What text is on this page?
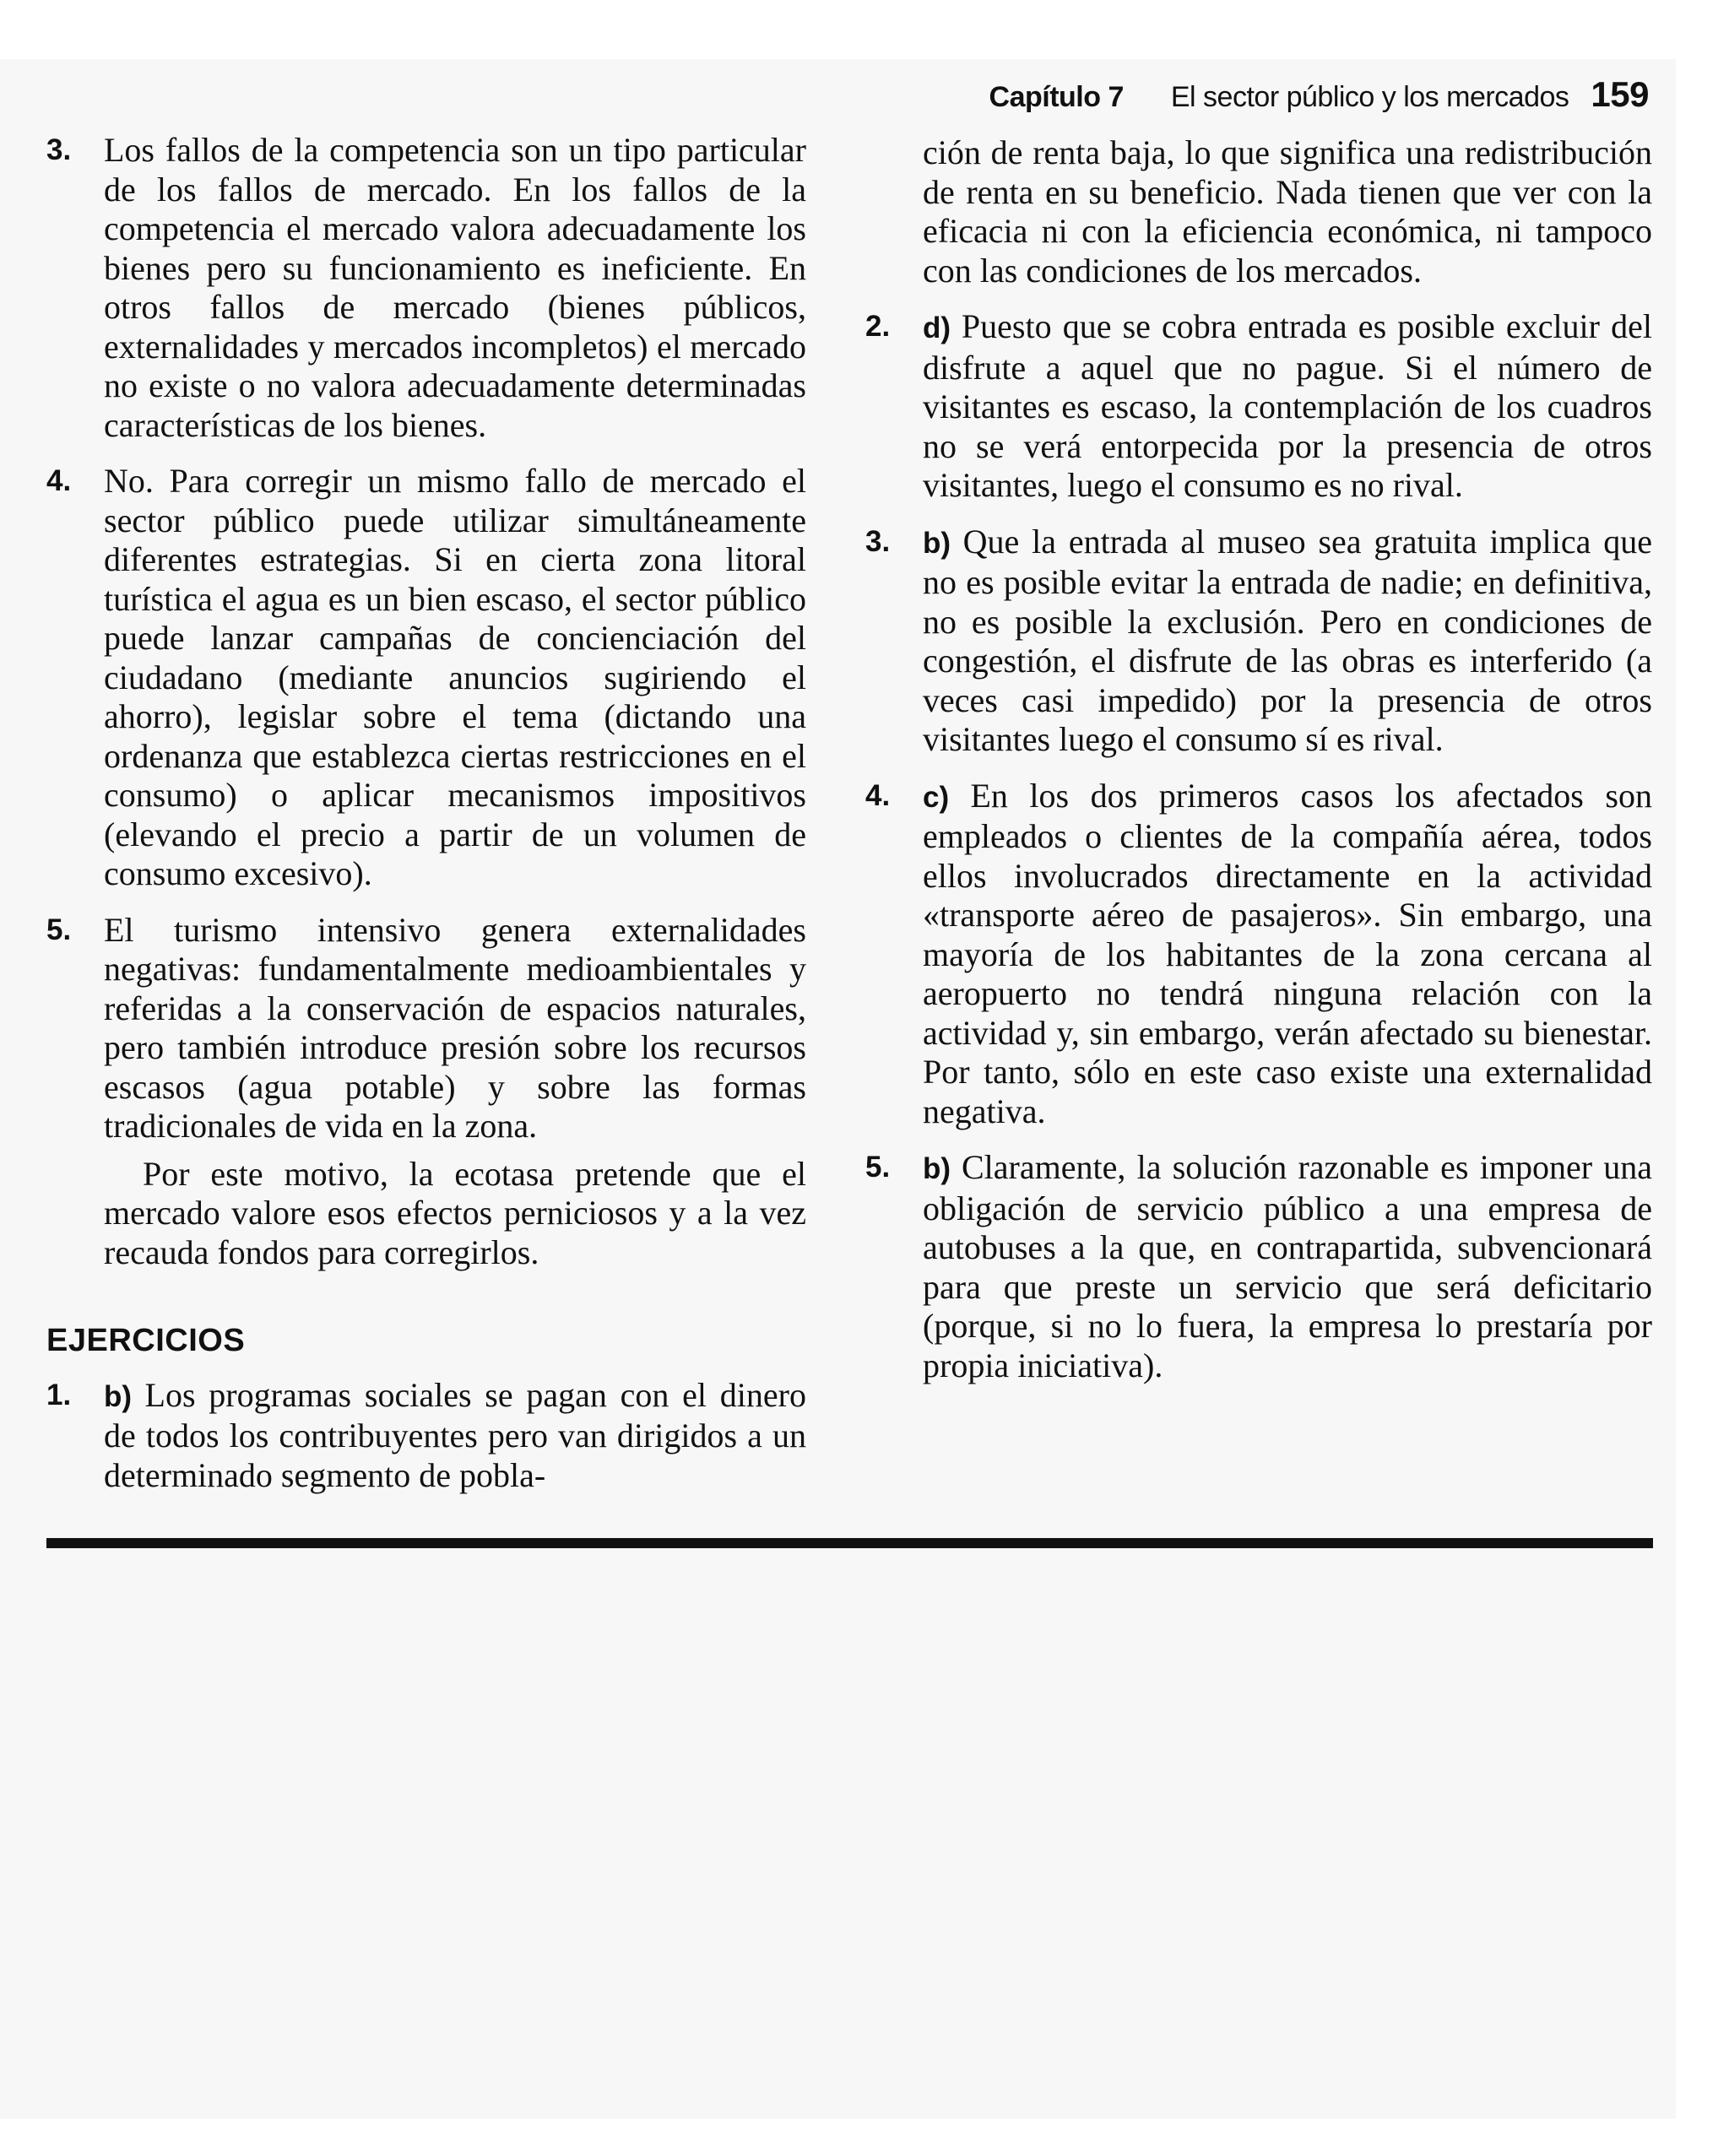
Capítulo 7 El sector público y los mercados 159
3. Los fallos de la competencia son un tipo particular de los fallos de mercado. En los fallos de la competencia el mercado valora adecuadamente los bienes pero su funcionamiento es ineficiente. En otros fallos de mercado (bienes públicos, externalidades y mercados incompletos) el mercado no existe o no valora adecuadamente determinadas características de los bienes.
4. No. Para corregir un mismo fallo de mercado el sector público puede utilizar simultáneamente diferentes estrategias. Si en cierta zona litoral turística el agua es un bien escaso, el sector público puede lanzar campañas de concienciación del ciudadano (mediante anuncios sugiriendo el ahorro), legislar sobre el tema (dictando una ordenanza que establezca ciertas restricciones en el consumo) o aplicar mecanismos impositivos (elevando el precio a partir de un volumen de consumo excesivo).
5. El turismo intensivo genera externalidades negativas: fundamentalmente medioambientales y referidas a la conservación de espacios naturales, pero también introduce presión sobre los recursos escasos (agua potable) y sobre las formas tradicionales de vida en la zona.
Por este motivo, la ecotasa pretende que el mercado valore esos efectos perniciosos y a la vez recauda fondos para corregirlos.
EJERCICIOS
1. b) Los programas sociales se pagan con el dinero de todos los contribuyentes pero van dirigidos a un determinado segmento de pobla-
ción de renta baja, lo que significa una redistribución de renta en su beneficio. Nada tienen que ver con la eficacia ni con la eficiencia económica, ni tampoco con las condiciones de los mercados.
2. d) Puesto que se cobra entrada es posible excluir del disfrute a aquel que no pague. Si el número de visitantes es escaso, la contemplación de los cuadros no se verá entorpecida por la presencia de otros visitantes, luego el consumo es no rival.
3. b) Que la entrada al museo sea gratuita implica que no es posible evitar la entrada de nadie; en definitiva, no es posible la exclusión. Pero en condiciones de congestión, el disfrute de las obras es interferido (a veces casi impedido) por la presencia de otros visitantes luego el consumo sí es rival.
4. c) En los dos primeros casos los afectados son empleados o clientes de la compañía aérea, todos ellos involucrados directamente en la actividad «transporte aéreo de pasajeros». Sin embargo, una mayoría de los habitantes de la zona cercana al aeropuerto no tendrá ninguna relación con la actividad y, sin embargo, verán afectado su bienestar. Por tanto, sólo en este caso existe una externalidad negativa.
5. b) Claramente, la solución razonable es imponer una obligación de servicio público a una empresa de autobuses a la que, en contrapartida, subvencionará para que preste un servicio que será deficitario (porque, si no lo fuera, la empresa lo prestaría por propia iniciativa).
